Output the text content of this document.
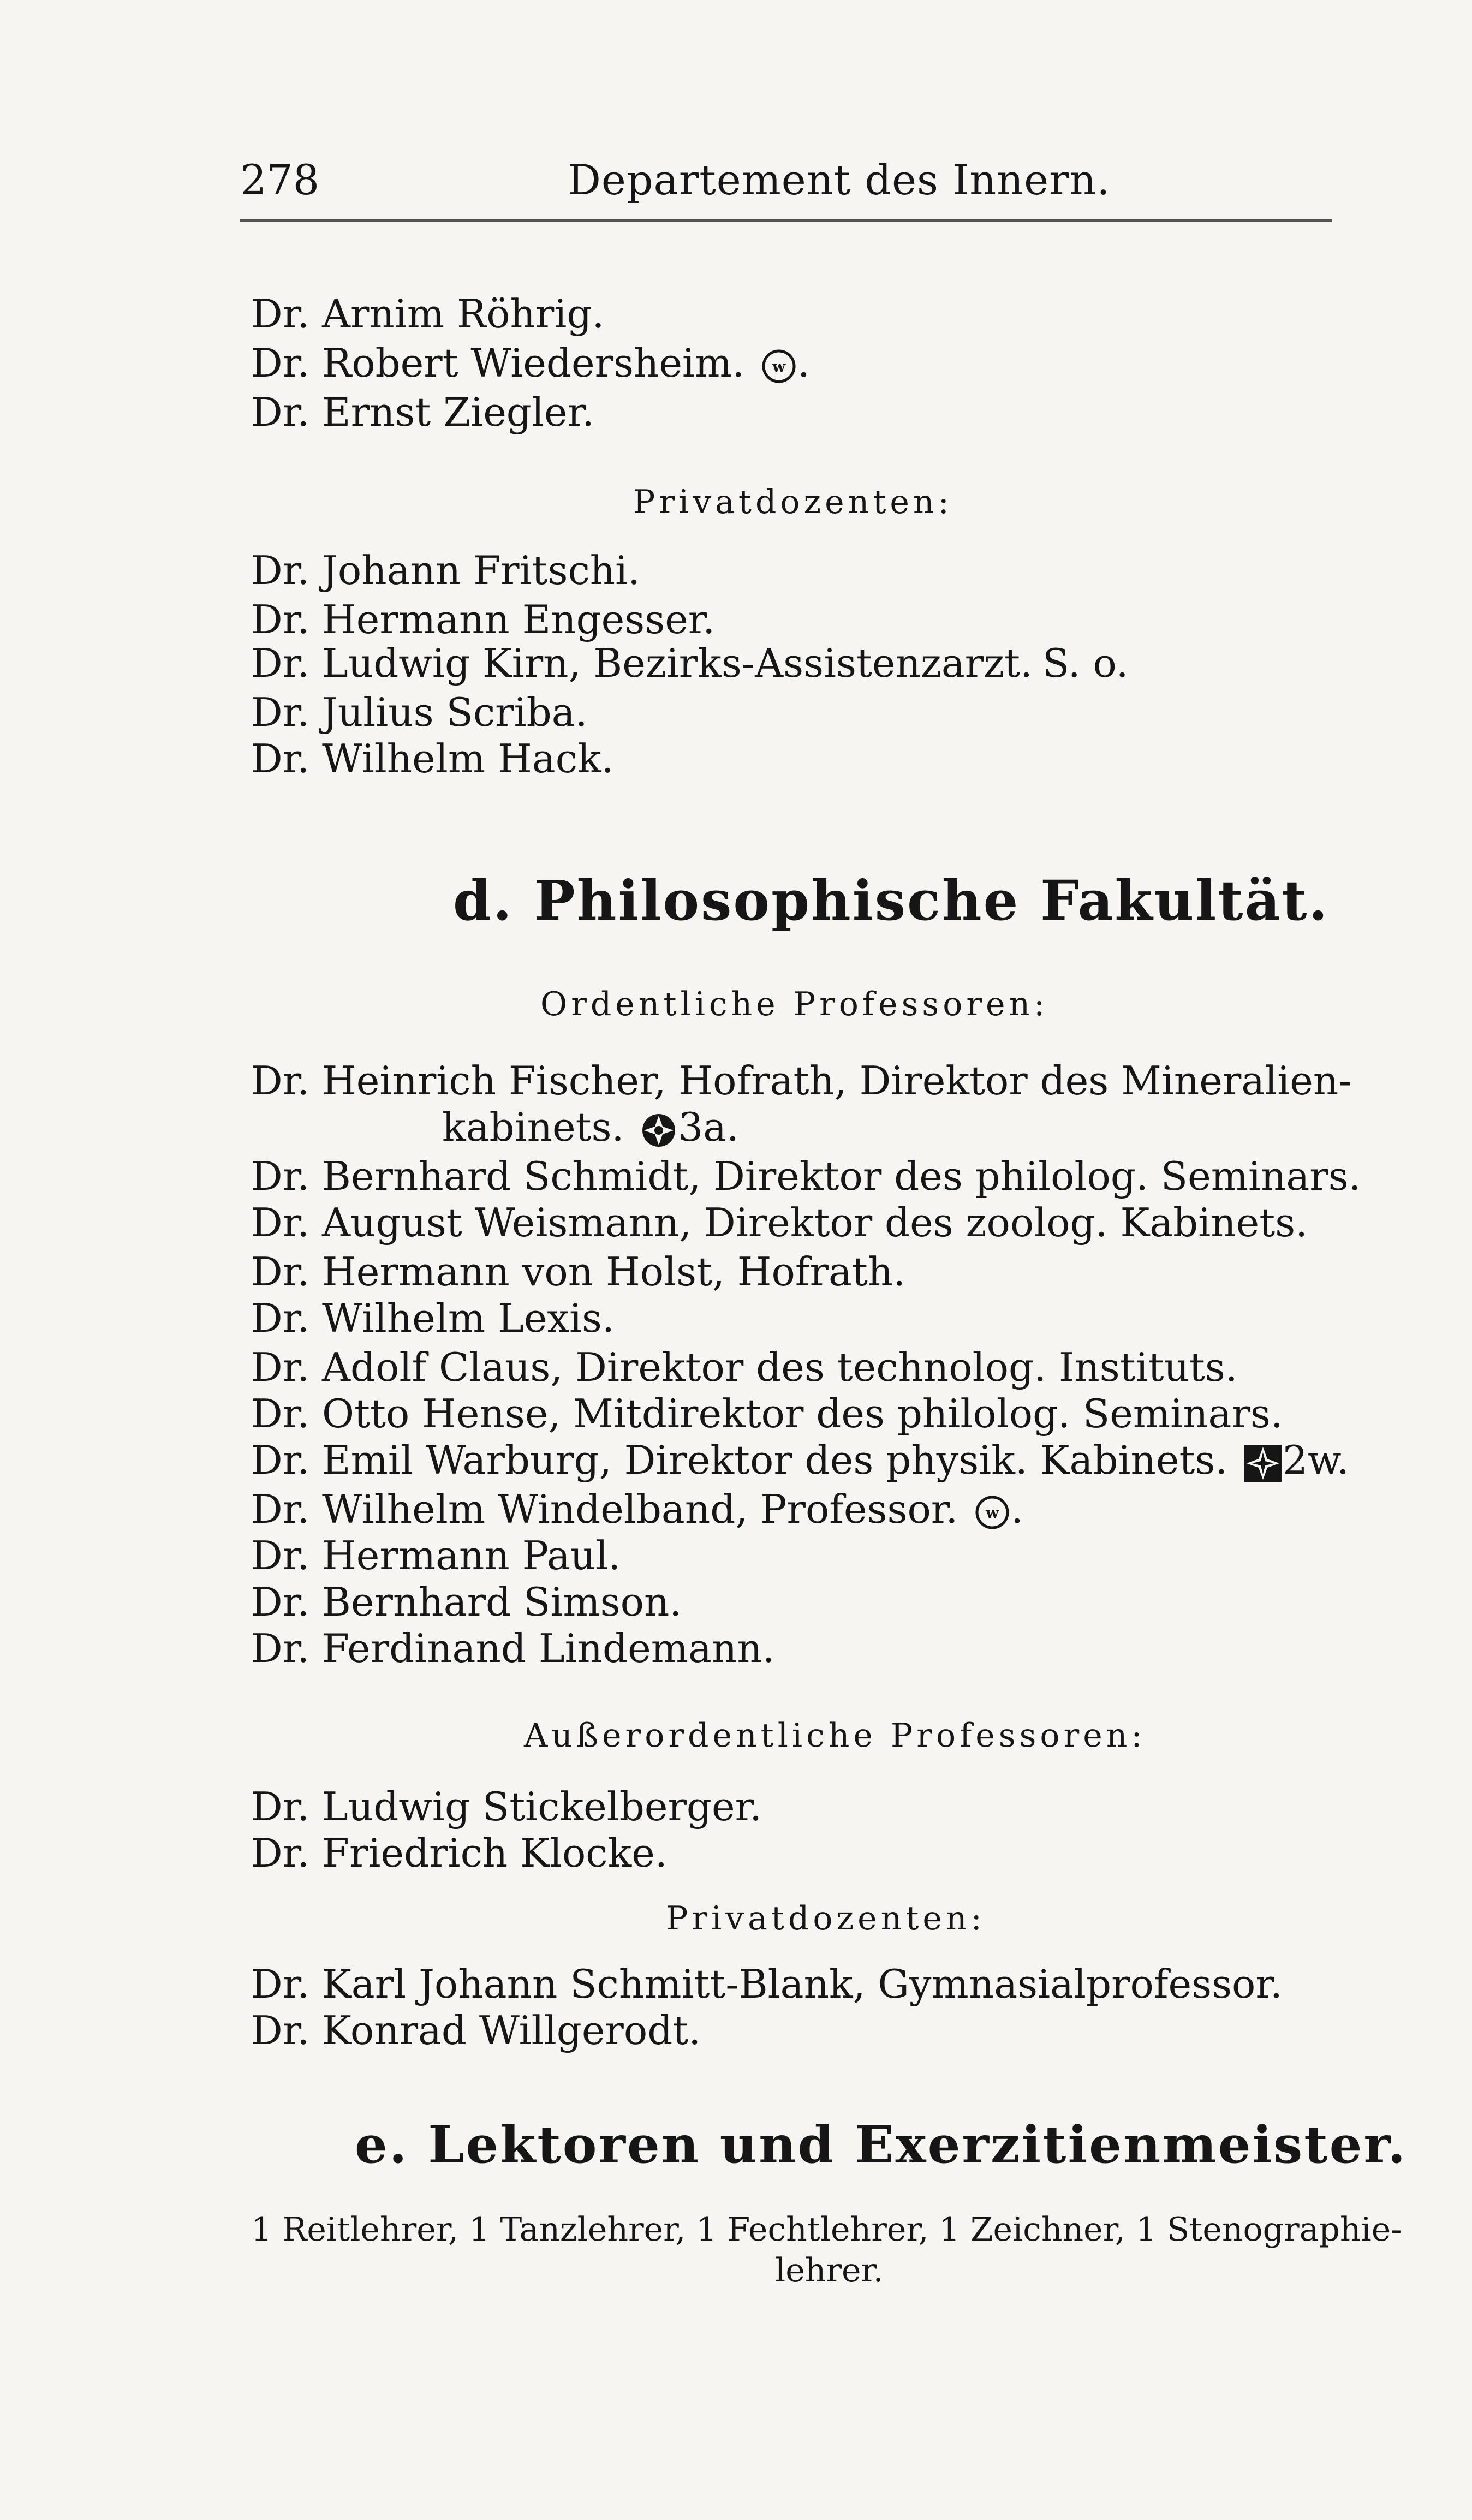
278	Departement des Innern.
Dr. Arnim Röhrig.
Dr. Robert Wiedersheim. w .
Dr. Ernst Ziegler.
Privatdozenten:
Dr. Johann Fritschi.
Dr. Hermann Engesser.
Dr. Ludwig Kirn, Bezirks-Assistenzarzt. S. o.
Dr. Julius Scriba.
Dr. Wilhelm Hack.
d. Philosophische Fakultät.
Ordentliche Professoren:
Dr. Heinrich Fischer, Hofrath, Direktor des Mineralien-
kabinets. 3a.
Dr. Bernhard Schmidt, Direktor des philolog. Seminars.
Dr. August Weismann, Direktor des zoolog. Kabinets.
Dr. Hermann von Holst, Hofrath.
Dr. Wilhelm Lexis.
Dr. Adolf Claus, Direktor des technolog. Instituts.
Dr. Otto Hense, Mitdirektor des philolog. Seminars.
Dr. Emil Warburg, Direktor des physik. Kabinets. 2w.
Dr. Wilhelm Windelband, Professor. w .
Dr. Hermann Paul.
Dr. Bernhard Simson.
Dr. Ferdinand Lindemann.
Außerordentliche Professoren:
Dr. Ludwig Stickelberger.
Dr. Friedrich Klocke.
Privatdozenten:
Dr. Karl Johann Schmitt-Blank, Gymnasialprofessor.
Dr. Konrad Willgerodt.
e. Lektoren und Exerzitienmeister.
1 Reitlehrer, 1 Tanzlehrer, 1 Fechtlehrer, 1 Zeichner, 1 Stenographie-
lehrer.
